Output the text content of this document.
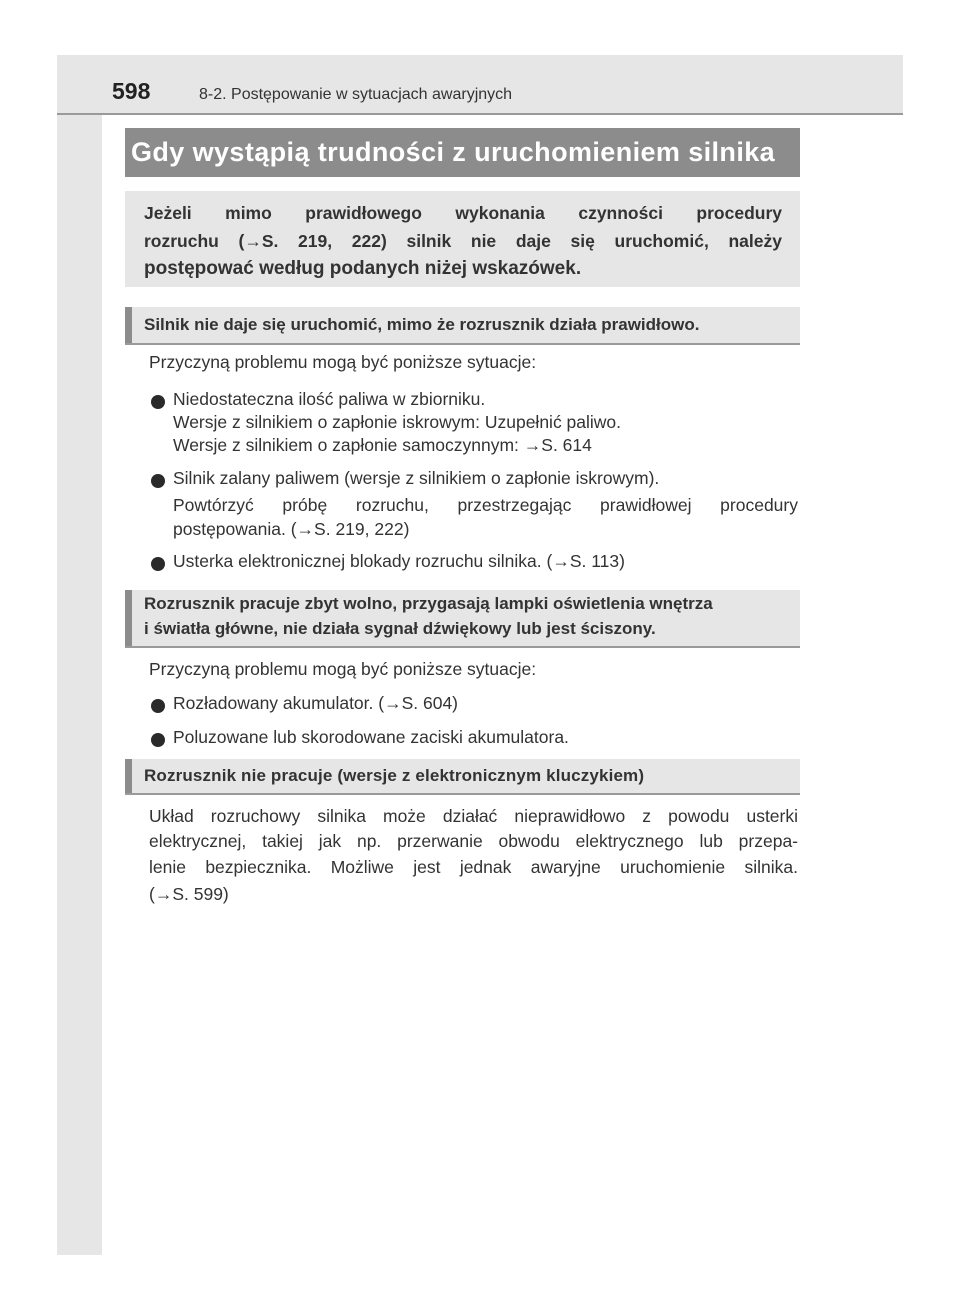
598	8-2. Postępowanie w sytuacjach awaryjnych
Gdy wystąpią trudności z uruchomieniem silnika
Jeżeli mimo prawidłowego wykonania czynności procedury
rozruchu (→S. 219, 222) silnik nie daje się uruchomić, należy
postępować według podanych niżej wskazówek.
Silnik nie daje się uruchomić, mimo że rozrusznik działa prawidłowo.
Przyczyną problemu mogą być poniższe sytuacje:
Niedostateczna ilość paliwa w zbiorniku.
Wersje z silnikiem o zapłonie iskrowym: Uzupełnić paliwo.
Wersje z silnikiem o zapłonie samoczynnym: →S. 614
Silnik zalany paliwem (wersje z silnikiem o zapłonie iskrowym).
Powtórzyć próbę rozruchu, przestrzegając prawidłowej procedury
postępowania. (→S. 219, 222)
Usterka elektronicznej blokady rozruchu silnika. (→S. 113)
Rozrusznik pracuje zbyt wolno, przygasają lampki oświetlenia wnętrza
i światła główne, nie działa sygnał dźwiękowy lub jest ściszony.
Przyczyną problemu mogą być poniższe sytuacje:
Rozładowany akumulator. (→S. 604)
Poluzowane lub skorodowane zaciski akumulatora.
Rozrusznik nie pracuje (wersje z elektronicznym kluczykiem)
Układ rozruchowy silnika może działać nieprawidłowo z powodu usterki
elektrycznej, takiej jak np. przerwanie obwodu elektrycznego lub przepa-
lenie bezpiecznika. Możliwe jest jednak awaryjne uruchomienie silnika.
(→S. 599)
